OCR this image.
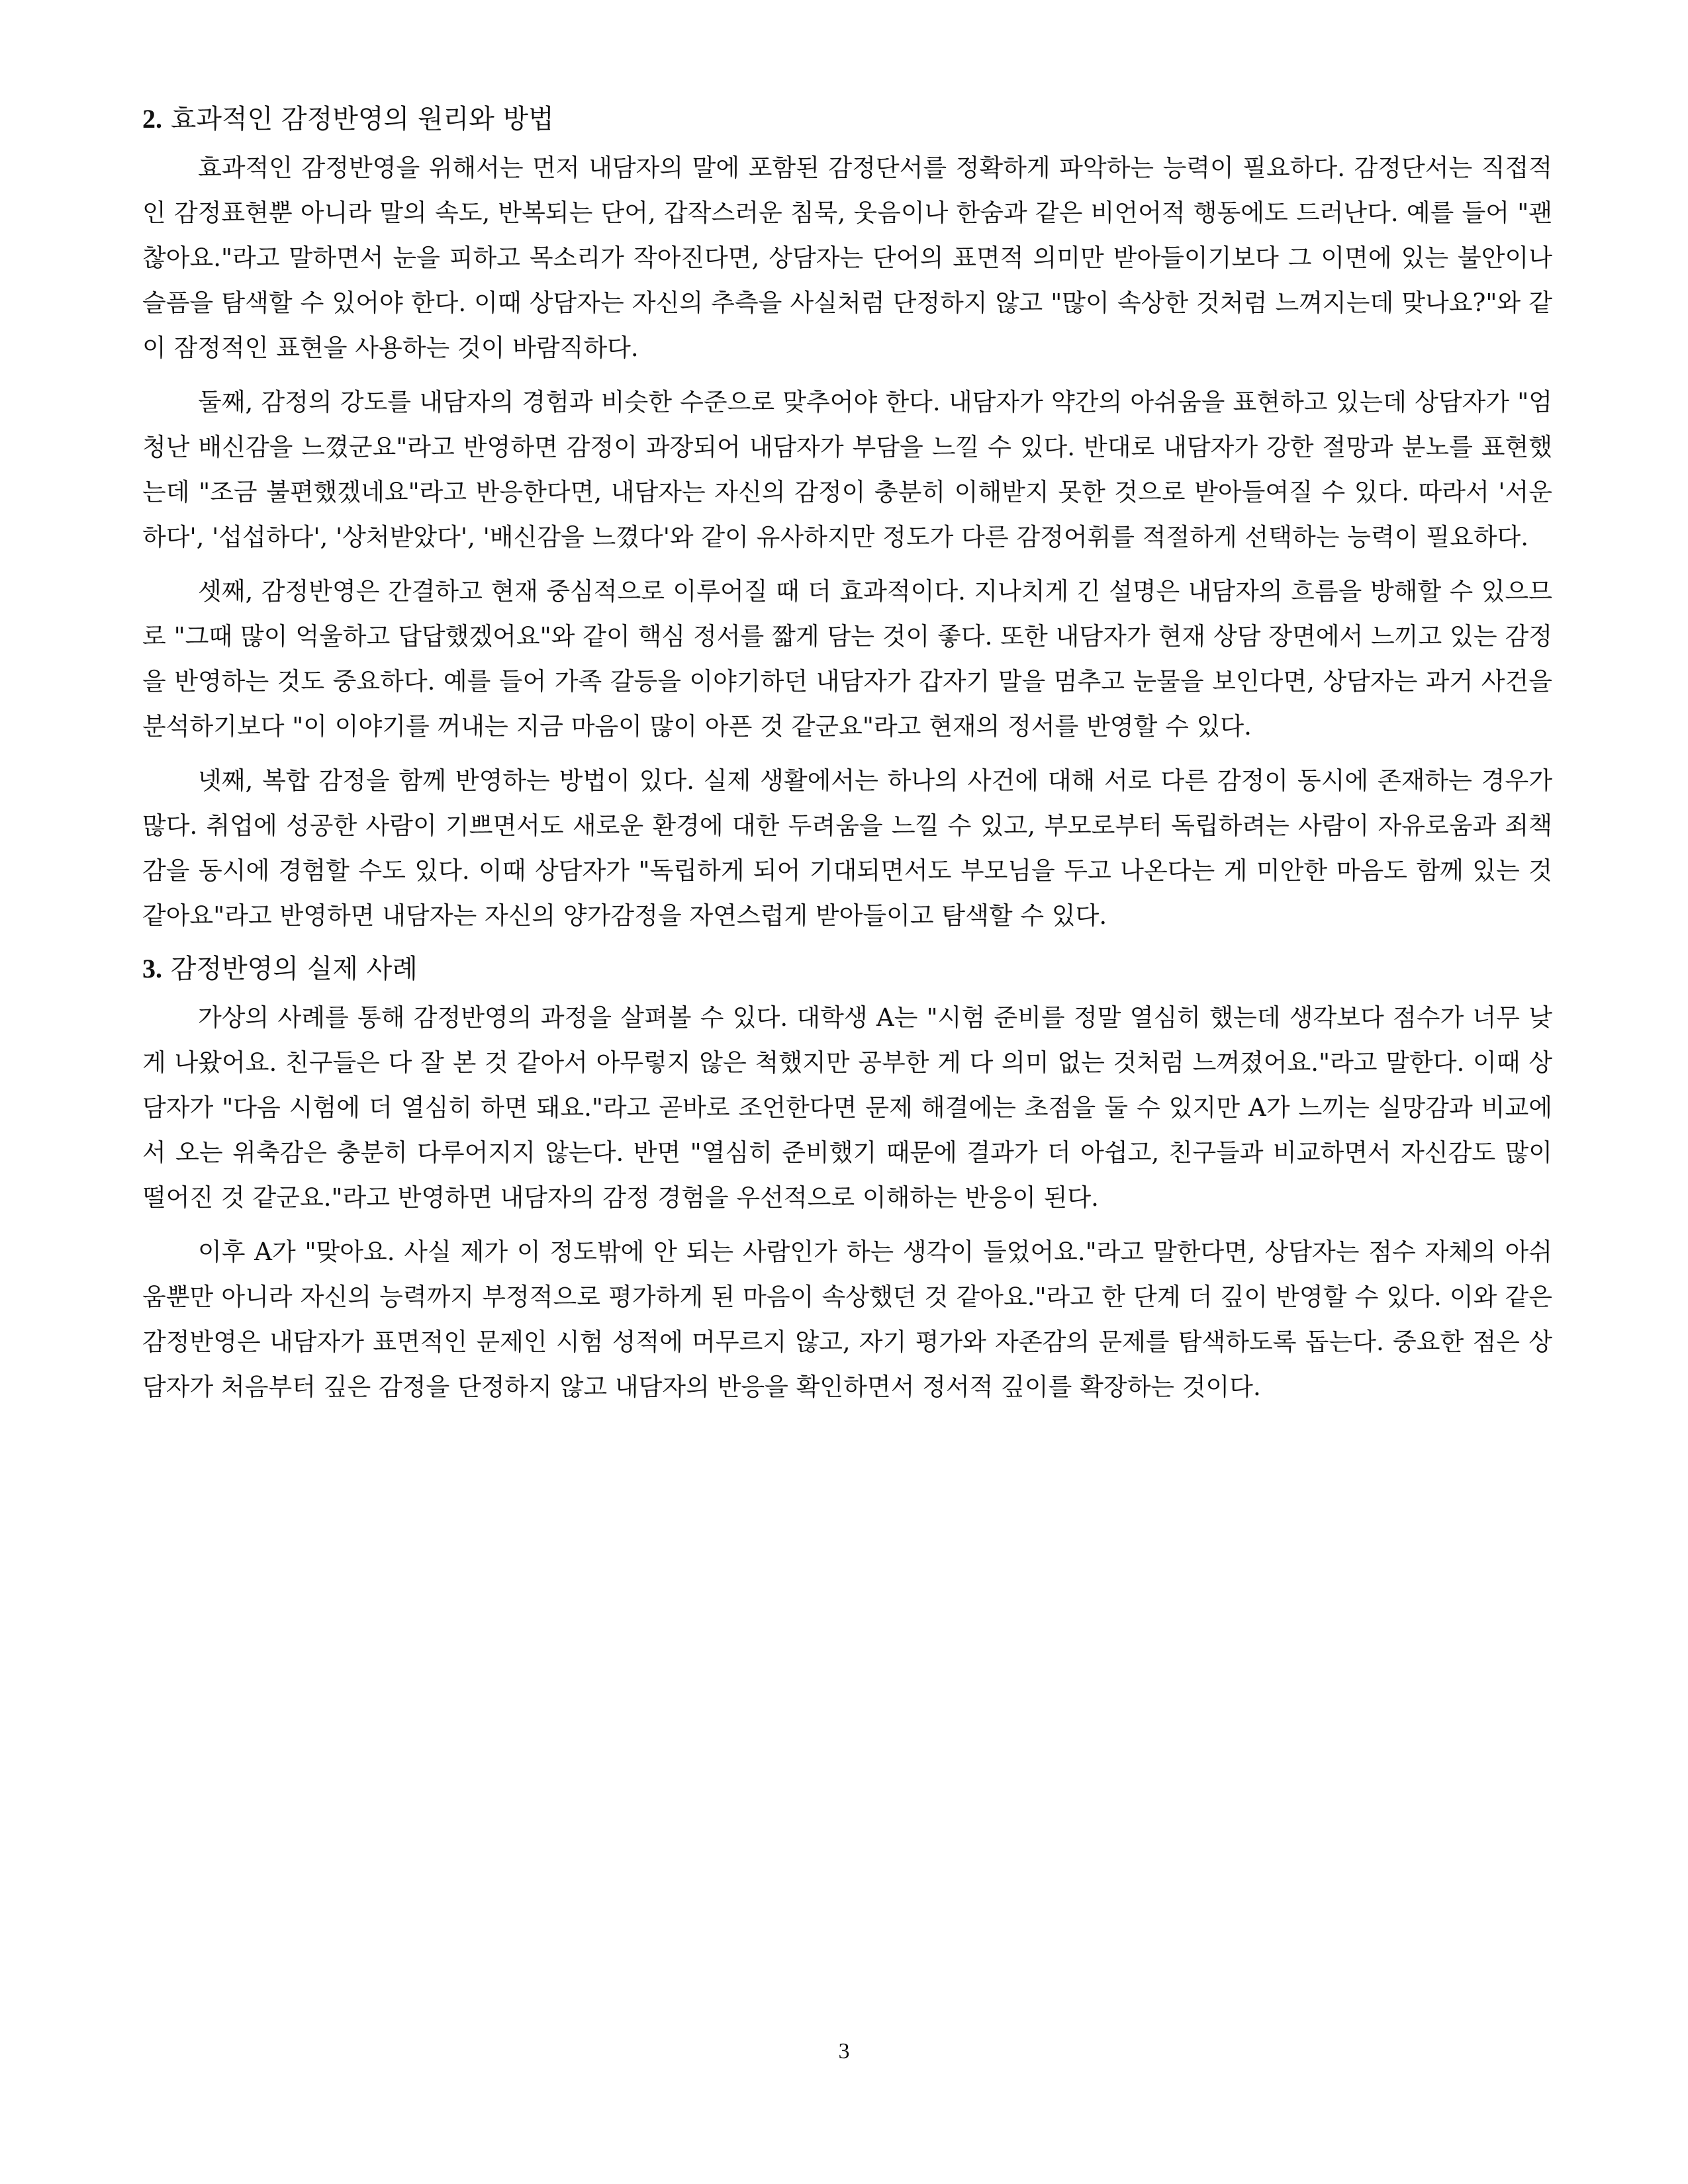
2. 효과적인 감정반영의 원리와 방법

효과적인 감정반영을 위해서는 먼저 내담자의 말에 포함된 감정단서를 정확하게 파악하는 능력이 필요하다. 감정단서는 직접적인 감정표현뿐 아니라 말의 속도, 반복되는 단어, 갑작스러운 침묵, 웃음이나 한숨과 같은 비언어적 행동에도 드러난다. 예를 들어 "괜찮아요."라고 말하면서 눈을 피하고 목소리가 작아진다면, 상담자는 단어의 표면적 의미만 받아들이기보다 그 이면에 있는 불안이나 슬픔을 탐색할 수 있어야 한다. 이때 상담자는 자신의 추측을 사실처럼 단정하지 않고 "많이 속상한 것처럼 느껴지는데 맞나요?"와 같이 잠정적인 표현을 사용하는 것이 바람직하다.

둘째, 감정의 강도를 내담자의 경험과 비슷한 수준으로 맞추어야 한다. 내담자가 약간의 아쉬움을 표현하고 있는데 상담자가 "엄청난 배신감을 느꼈군요"라고 반영하면 감정이 과장되어 내담자가 부담을 느낄 수 있다. 반대로 내담자가 강한 절망과 분노를 표현했는데 "조금 불편했겠네요"라고 반응한다면, 내담자는 자신의 감정이 충분히 이해받지 못한 것으로 받아들여질 수 있다. 따라서 '서운하다', '섭섭하다', '상처받았다', '배신감을 느꼈다'와 같이 유사하지만 정도가 다른 감정어휘를 적절하게 선택하는 능력이 필요하다.

셋째, 감정반영은 간결하고 현재 중심적으로 이루어질 때 더 효과적이다. 지나치게 긴 설명은 내담자의 흐름을 방해할 수 있으므로 "그때 많이 억울하고 답답했겠어요"와 같이 핵심 정서를 짧게 담는 것이 좋다. 또한 내담자가 현재 상담 장면에서 느끼고 있는 감정을 반영하는 것도 중요하다. 예를 들어 가족 갈등을 이야기하던 내담자가 갑자기 말을 멈추고 눈물을 보인다면, 상담자는 과거 사건을 분석하기보다 "이 이야기를 꺼내는 지금 마음이 많이 아픈 것 같군요"라고 현재의 정서를 반영할 수 있다.

넷째, 복합 감정을 함께 반영하는 방법이 있다. 실제 생활에서는 하나의 사건에 대해 서로 다른 감정이 동시에 존재하는 경우가 많다. 취업에 성공한 사람이 기쁘면서도 새로운 환경에 대한 두려움을 느낄 수 있고, 부모로부터 독립하려는 사람이 자유로움과 죄책감을 동시에 경험할 수도 있다. 이때 상담자가 "독립하게 되어 기대되면서도 부모님을 두고 나온다는 게 미안한 마음도 함께 있는 것 같아요"라고 반영하면 내담자는 자신의 양가감정을 자연스럽게 받아들이고 탐색할 수 있다.

3. 감정반영의 실제 사례

가상의 사례를 통해 감정반영의 과정을 살펴볼 수 있다. 대학생 A는 "시험 준비를 정말 열심히 했는데 생각보다 점수가 너무 낮게 나왔어요. 친구들은 다 잘 본 것 같아서 아무렇지 않은 척했지만 공부한 게 다 의미 없는 것처럼 느껴졌어요."라고 말한다. 이때 상담자가 "다음 시험에 더 열심히 하면 돼요."라고 곧바로 조언한다면 문제 해결에는 초점을 둘 수 있지만 A가 느끼는 실망감과 비교에서 오는 위축감은 충분히 다루어지지 않는다. 반면 "열심히 준비했기 때문에 결과가 더 아쉽고, 친구들과 비교하면서 자신감도 많이 떨어진 것 같군요."라고 반영하면 내담자의 감정 경험을 우선적으로 이해하는 반응이 된다.

이후 A가 "맞아요. 사실 제가 이 정도밖에 안 되는 사람인가 하는 생각이 들었어요."라고 말한다면, 상담자는 점수 자체의 아쉬움뿐만 아니라 자신의 능력까지 부정적으로 평가하게 된 마음이 속상했던 것 같아요."라고 한 단계 더 깊이 반영할 수 있다. 이와 같은 감정반영은 내담자가 표면적인 문제인 시험 성적에 머무르지 않고, 자기 평가와 자존감의 문제를 탐색하도록 돕는다. 중요한 점은 상담자가 처음부터 깊은 감정을 단정하지 않고 내담자의 반응을 확인하면서 정서적 깊이를 확장하는 것이다.

3
